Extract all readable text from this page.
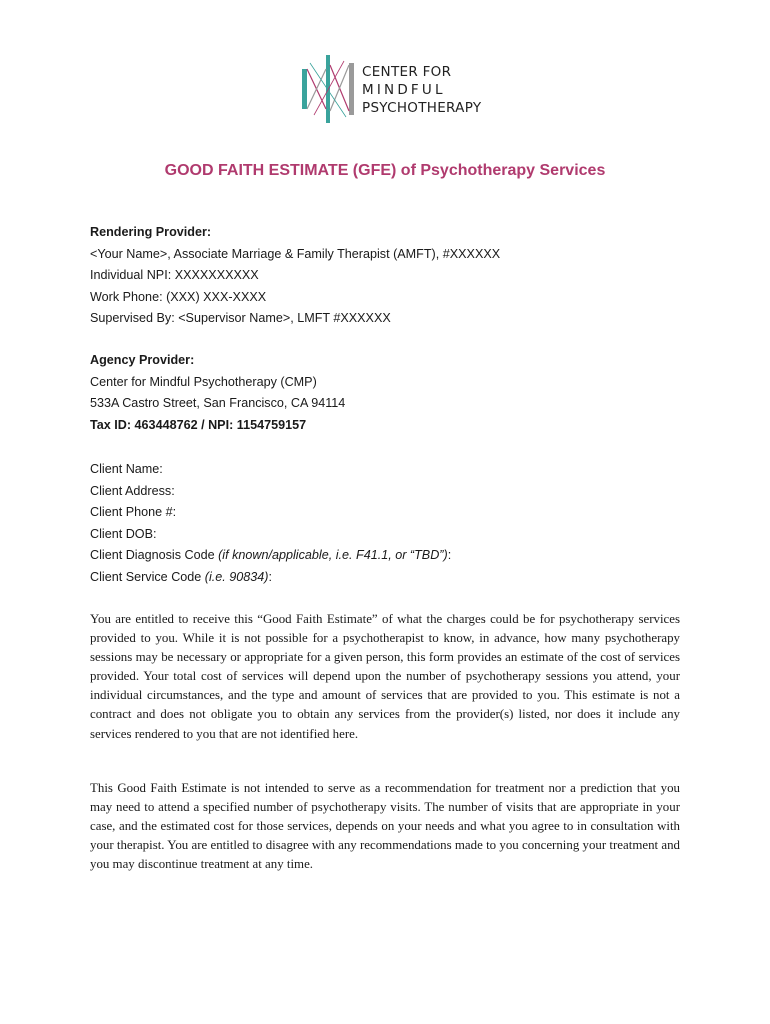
CENTER FOR
MINDFUL
PSYCHOTHERAPY
GOOD FAITH ESTIMATE (GFE) of Psychotherapy Services
Rendering Provider:
<Your Name>, Associate Marriage & Family Therapist (AMFT), #XXXXXX
Individual NPI: XXXXXXXXXX
Work Phone: (XXX) XXX-XXXX
Supervised By: <Supervisor Name>, LMFT #XXXXXX
Agency Provider:
Center for Mindful Psychotherapy (CMP)
533A Castro Street, San Francisco, CA 94114
Tax ID: 463448762 / NPI: 1154759157
Client Name:
Client Address:
Client Phone #:
Client DOB:
Client Diagnosis Code (if known/applicable, i.e. F41.1, or “TBD”):
Client Service Code (i.e. 90834):
You are entitled to receive this “Good Faith Estimate” of what the charges could be for psychotherapy services provided to you. While it is not possible for a psychotherapist to know, in advance, how many psychotherapy sessions may be necessary or appropriate for a given person, this form provides an estimate of the cost of services provided. Your total cost of services will depend upon the number of psychotherapy sessions you attend, your individual circumstances, and the type and amount of services that are provided to you. This estimate is not a contract and does not obligate you to obtain any services from the provider(s) listed, nor does it include any services rendered to you that are not identified here.
This Good Faith Estimate is not intended to serve as a recommendation for treatment nor a prediction that you may need to attend a specified number of psychotherapy visits. The number of visits that are appropriate in your case, and the estimated cost for those services, depends on your needs and what you agree to in consultation with your therapist. You are entitled to disagree with any recommendations made to you concerning your treatment and you may discontinue treatment at any time.
